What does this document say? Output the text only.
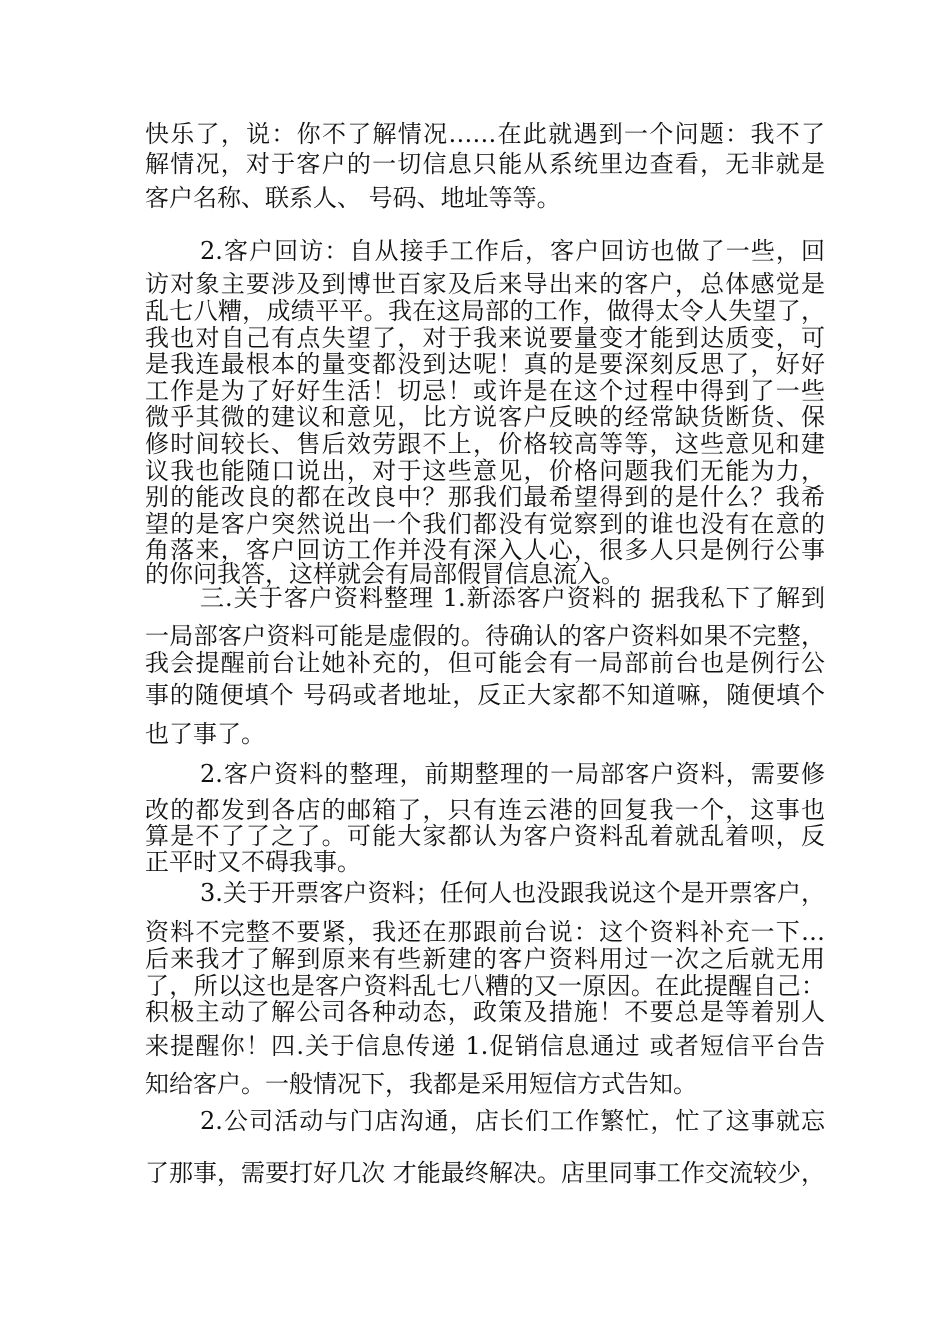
快乐了，说：你不了解情况……在此就遇到一个问题：我不了
解情况，对于客户的一切信息只能从系统里边查看，无非就是
客户名称、联系人、 号码、地址等等。
2.客户回访：自从接手工作后，客户回访也做了一些，回
访对象主要涉及到博世百家及后来导出来的客户，总体感觉是
乱七八糟，成绩平平。我在这局部的工作，做得太令人失望了，
我也对自己有点失望了，对于我来说要量变才能到达质变，可
是我连最根本的量变都没到达呢！真的是要深刻反思了，好好
工作是为了好好生活！切忌！或许是在这个过程中得到了一些
微乎其微的建议和意见，比方说客户反映的经常缺货断货、保
修时间较长、售后效劳跟不上，价格较高等等，这些意见和建
议我也能随口说出，对于这些意见，价格问题我们无能为力，
别的能改良的都在改良中？那我们最希望得到的是什么？我希
望的是客户突然说出一个我们都没有觉察到的谁也没有在意的
角落来，客户回访工作并没有深入人心，很多人只是例行公事
的你问我答，这样就会有局部假冒信息流入。
三.关于客户资料整理 1.新添客户资料的 据我私下了解到
一局部客户资料可能是虚假的。待确认的客户资料如果不完整，
我会提醒前台让她补充的，但可能会有一局部前台也是例行公
事的随便填个 号码或者地址，反正大家都不知道嘛，随便填个
也了事了。
2.客户资料的整理，前期整理的一局部客户资料，需要修
改的都发到各店的邮箱了，只有连云港的回复我一个，这事也
算是不了了之了。可能大家都认为客户资料乱着就乱着呗，反
正平时又不碍我事。
3.关于开票客户资料；任何人也没跟我说这个是开票客户，
资料不完整不要紧，我还在那跟前台说：这个资料补充一下…
后来我才了解到原来有些新建的客户资料用过一次之后就无用
了，所以这也是客户资料乱七八糟的又一原因。在此提醒自己：
积极主动了解公司各种动态，政策及措施！不要总是等着别人
来提醒你！四.关于信息传递 1.促销信息通过 或者短信平台告
知给客户。一般情况下，我都是采用短信方式告知。
2.公司活动与门店沟通，店长们工作繁忙，忙了这事就忘
了那事，需要打好几次 才能最终解决。店里同事工作交流较少，
